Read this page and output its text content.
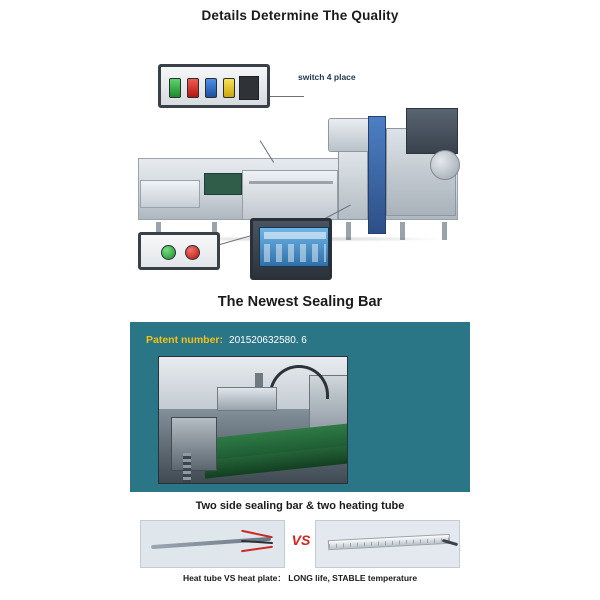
Details Determine The Quality
switch 4 place
The Newest Sealing Bar
Patent number: 201520632580. 6
Two side sealing bar & two heating tube
VS
Heat tube VS heat plate： LONG life, STABLE temperature
